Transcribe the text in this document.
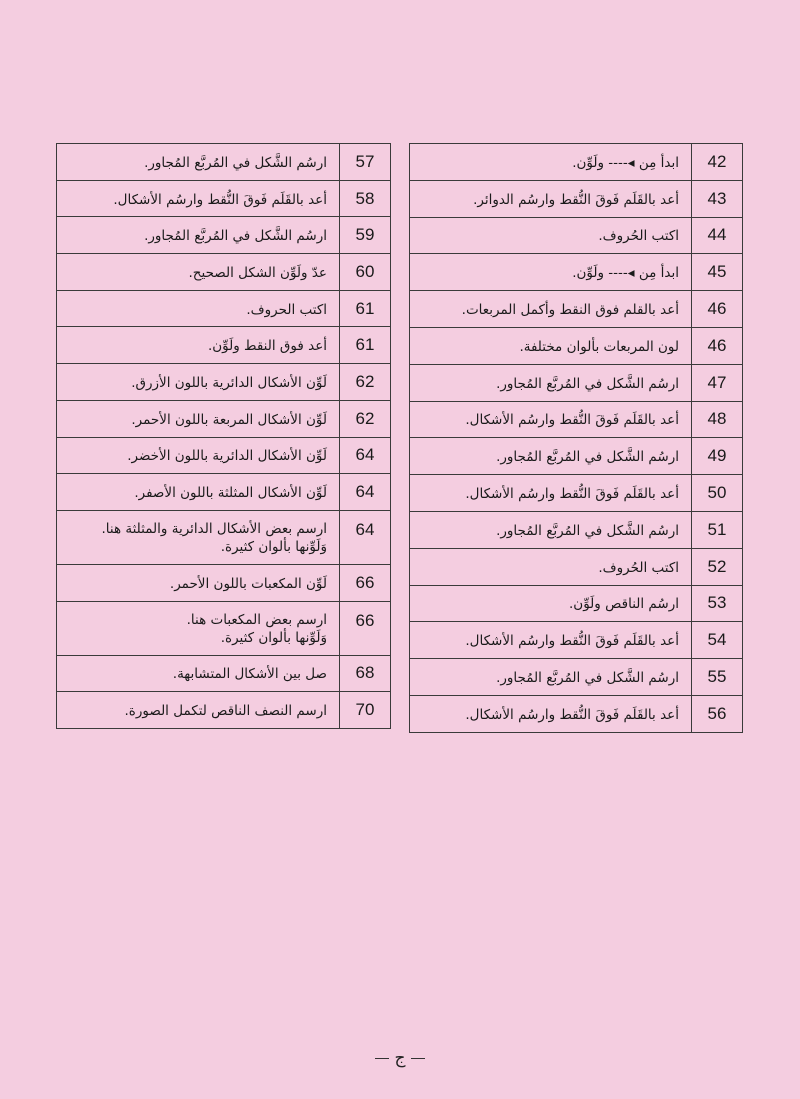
ارسُم الشَّكل في المُربَّع المُجاور.	57
أعد بالقَلَم فَوقَ النُّقط وارسُم الأشكال.	58
ارسُم الشَّكل في المُربَّع المُجاور.	59
عدّ ولَوِّن الشكل الصحيح.	60
اكتب الحروف.	61
أعد فوق النقط ولَوِّن.	61
لَوِّن الأشكال الدائرية باللون الأزرق.	62
لَوِّن الأشكال المربعة باللون الأحمر.	62
لَوِّن الأشكال الدائرية باللون الأخضر.	64
لَوِّن الأشكال المثلثة باللون الأصفر.	64

ارسم بعض الأشكال الدائرية والمثلثة هنا.
وَلَوِّنها بألوان كثيرة.	64
لَوِّن المكعبات باللون الأحمر.	66

ارسم بعض المكعبات هنا.
وَلَوِّنها بألوان كثيرة.	66
صل بين الأشكال المتشابهة.	68
ارسم النصف الناقص لتكمل الصورة.	70
ابدأ مِن ◂---- ولَوِّن.	42
أعد بالقَلَم فَوقَ النُّقط وارسُم الدوائر.	43
اكتب الحُروف.	44
ابدأ مِن ◂---- ولَوِّن.	45
أعد بالقلم فوق النقط وأكمل المربعات.	46
لون المربعات بألوان مختلفة.	46
ارسُم الشَّكل في المُربَّع المُجاور.	47
أعد بالقَلَم فَوقَ النُّقط وارسُم الأشكال.	48
ارسُم الشَّكل في المُربَّع المُجاور.	49
أعد بالقَلَم فَوقَ النُّقط وارسُم الأشكال.	50
ارسُم الشَّكل في المُربَّع المُجاور.	51
اكتب الحُروف.	52
ارسُم الناقص ولَوِّن.	53
أعد بالقَلَم فَوقَ النُّقط وارسُم الأشكال.	54
ارسُم الشَّكل في المُربَّع المُجاور.	55
أعد بالقَلَم فَوقَ النُّقط وارسُم الأشكال.	56
ج
